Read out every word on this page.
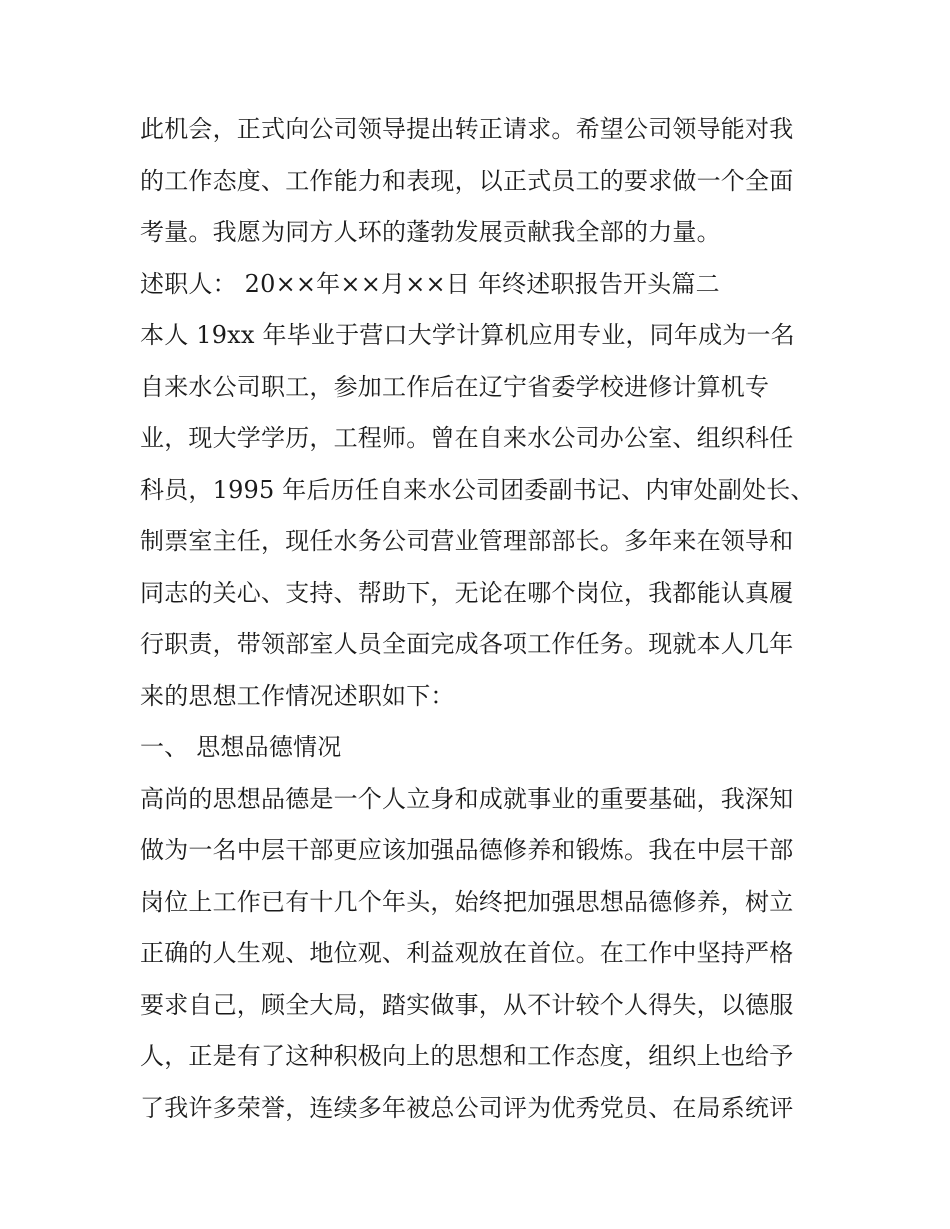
此机会，正式向公司领导提出转正请求。希望公司领导能对我
的工作态度、工作能力和表现，以正式员工的要求做一个全面
考量。我愿为同方人环的蓬勃发展贡献我全部的力量。
述职人： 20××年××月××日 年终述职报告开头篇二
本人 19xx 年毕业于营口大学计算机应用专业，同年成为一名
自来水公司职工，参加工作后在辽宁省委学校进修计算机专
业，现大学学历，工程师。曾在自来水公司办公室、组织科任
科员，1995 年后历任自来水公司团委副书记、内审处副处长、
制票室主任，现任水务公司营业管理部部长。多年来在领导和
同志的关心、支持、帮助下，无论在哪个岗位，我都能认真履
行职责，带领部室人员全面完成各项工作任务。现就本人几年
来的思想工作情况述职如下：
一、 思想品德情况
高尚的思想品德是一个人立身和成就事业的重要基础，我深知
做为一名中层干部更应该加强品德修养和锻炼。我在中层干部
岗位上工作已有十几个年头，始终把加强思想品德修养，树立
正确的人生观、地位观、利益观放在首位。在工作中坚持严格
要求自己，顾全大局，踏实做事，从不计较个人得失，以德服
人，正是有了这种积极向上的思想和工作态度，组织上也给予
了我许多荣誉，连续多年被总公司评为优秀党员、在局系统评
